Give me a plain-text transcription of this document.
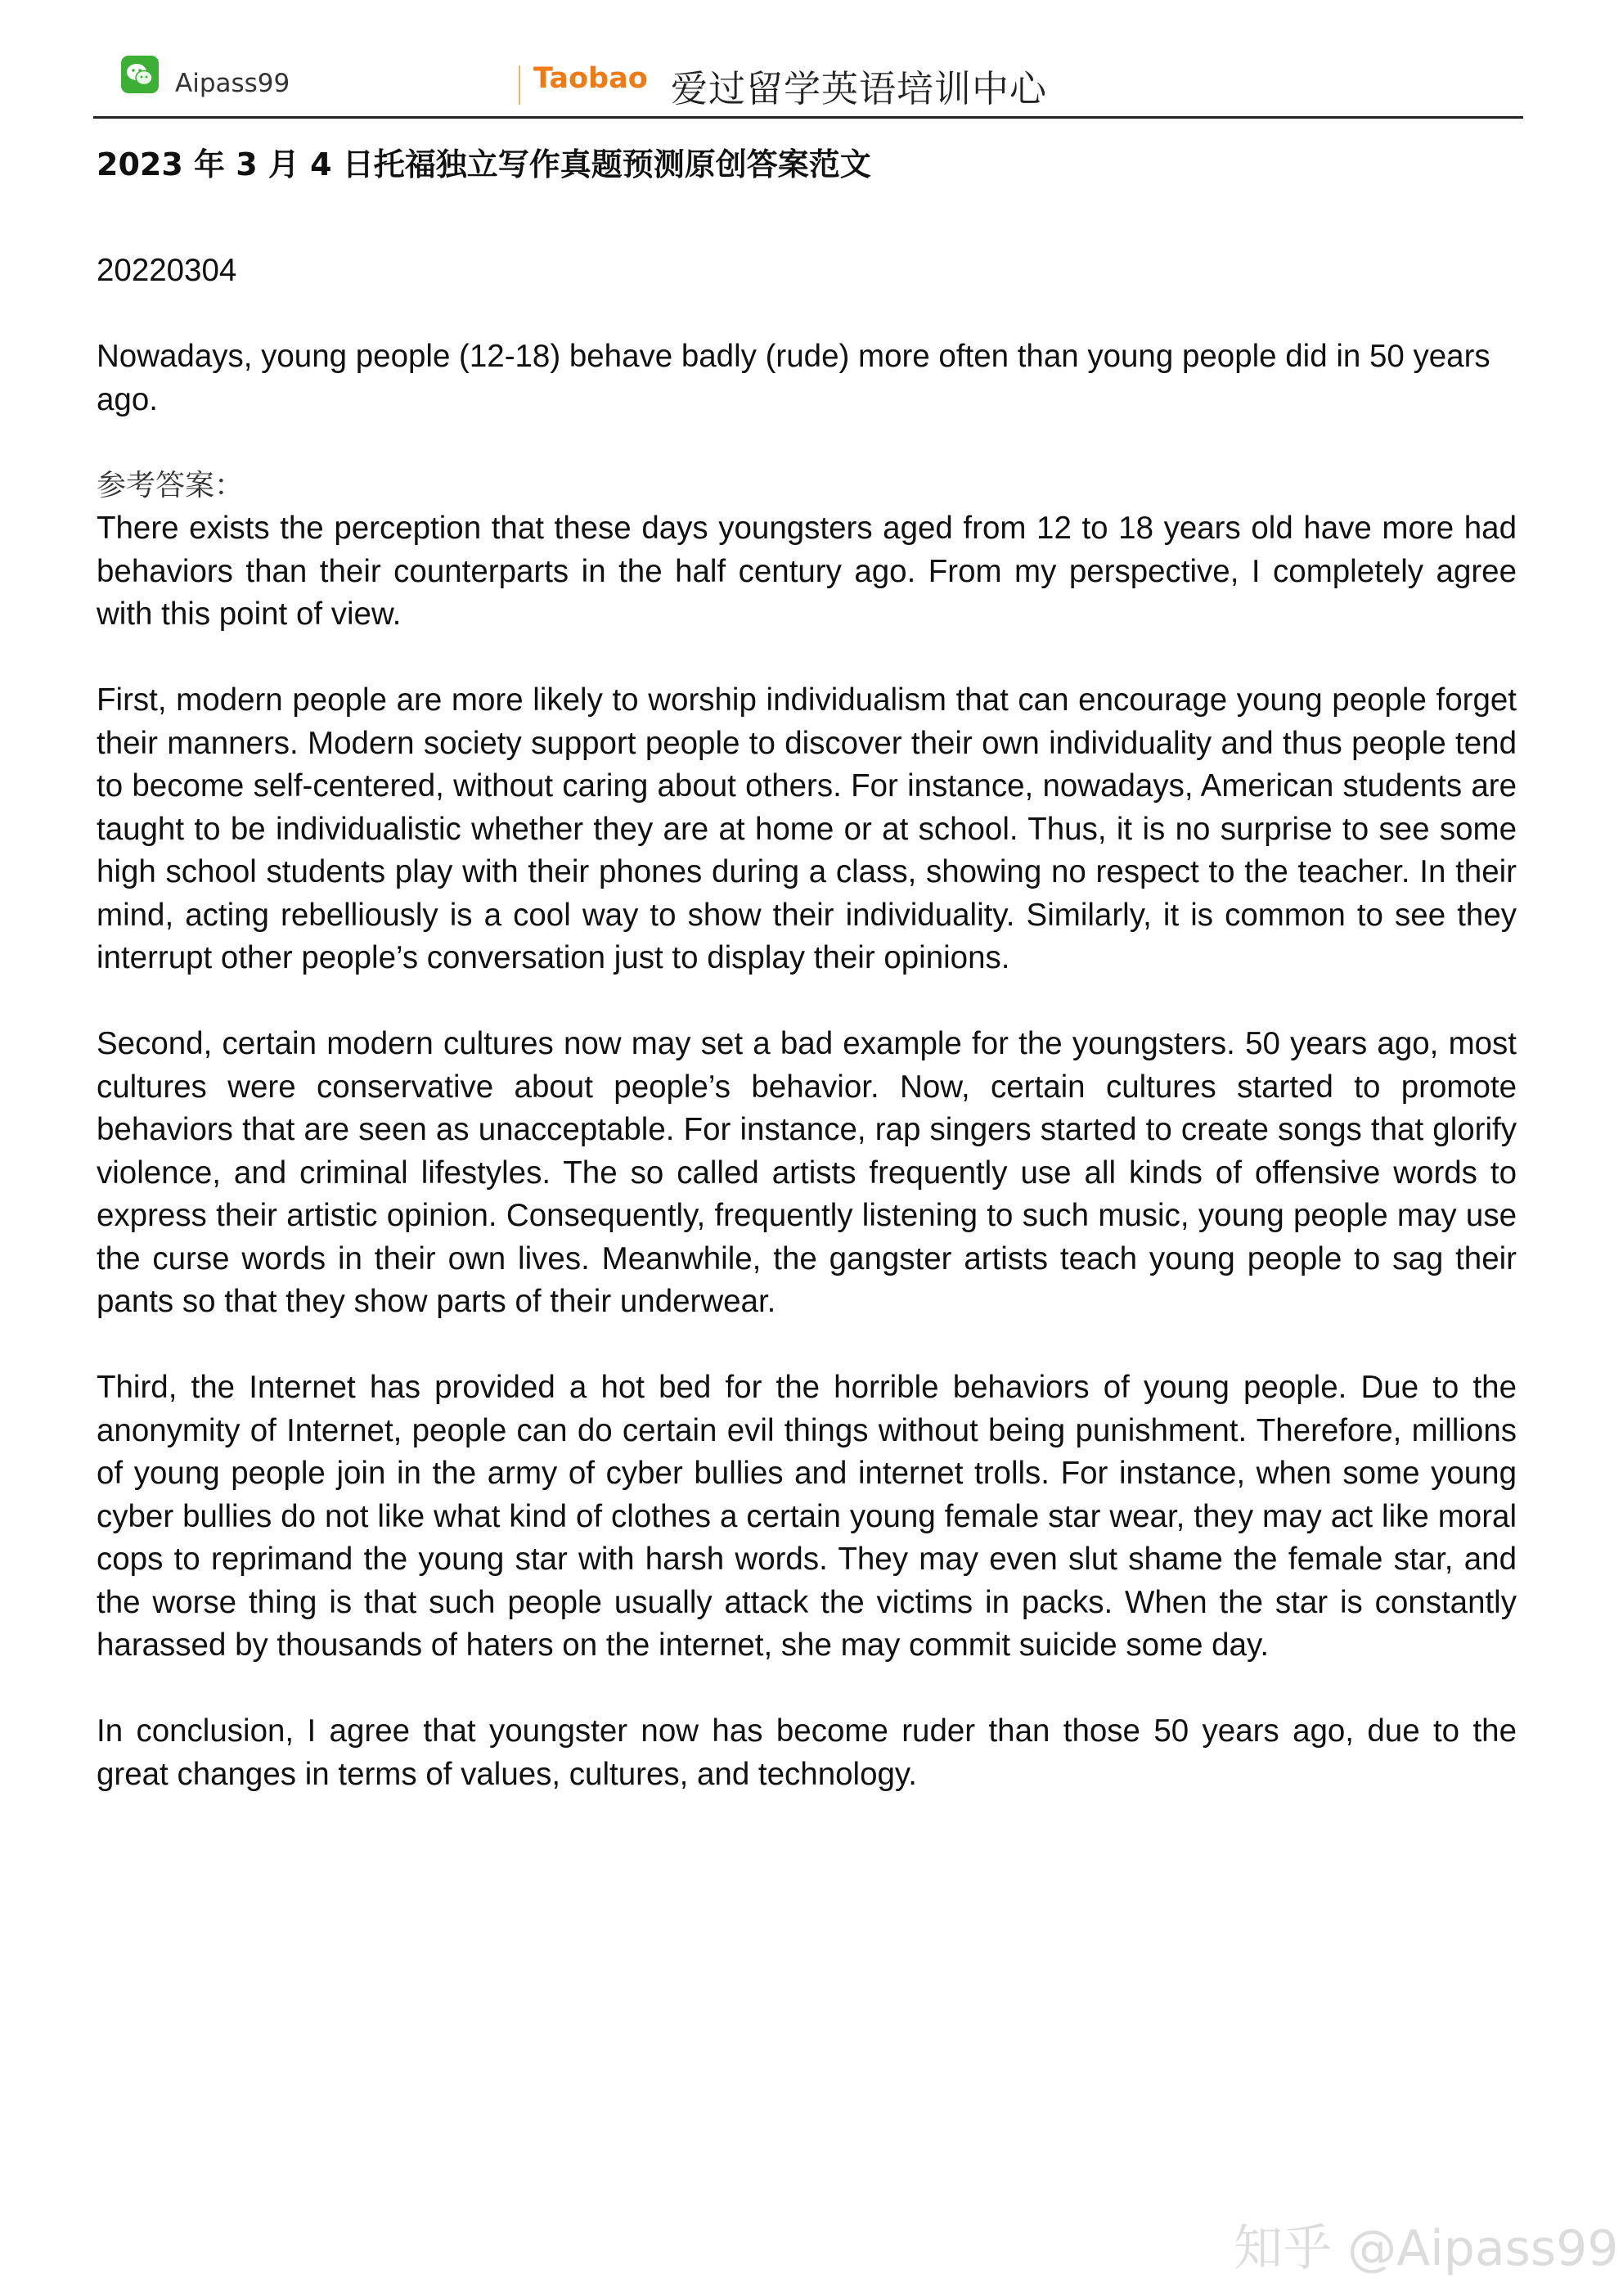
Aipass99	Taobao 爱过留学英语培训中心
2023 年 3 月 4 日托福独立写作真题预测原创答案范文

20220304

Nowadays, young people (12-18) behave badly (rude) more often than young people did in 50 years ago.

参考答案：

There exists the perception that these days youngsters aged from 12 to 18 years old have more had behaviors than their counterparts in the half century ago. From my perspective, I completely agree with this point of view.

First, modern people are more likely to worship individualism that can encourage young people forget their manners. Modern society support people to discover their own individuality and thus people tend to become self-centered, without caring about others. For instance, nowadays, American students are taught to be individualistic whether they are at home or at school. Thus, it is no surprise to see some high school students play with their phones during a class, showing no respect to the teacher. In their mind, acting rebelliously is a cool way to show their individuality. Similarly, it is common to see they interrupt other people’s conversation just to display their opinions.

Second, certain modern cultures now may set a bad example for the youngsters. 50 years ago, most cultures were conservative about people’s behavior. Now, certain cultures started to promote behaviors that are seen as unacceptable. For instance, rap singers started to create songs that glorify violence, and criminal lifestyles. The so called artists frequently use all kinds of offensive words to express their artistic opinion. Consequently, frequently listening to such music, young people may use the curse words in their own lives. Meanwhile, the gangster artists teach young people to sag their pants so that they show parts of their underwear.

Third, the Internet has provided a hot bed for the horrible behaviors of young people. Due to the anonymity of Internet, people can do certain evil things without being punishment. Therefore, millions of young people join in the army of cyber bullies and internet trolls. For instance, when some young cyber bullies do not like what kind of clothes a certain young female star wear, they may act like moral cops to reprimand the young star with harsh words. They may even slut shame the female star, and the worse thing is that such people usually attack the victims in packs. When the star is constantly harassed by thousands of haters on the internet, she may commit suicide some day.

In conclusion, I agree that youngster now has become ruder than those 50 years ago, due to the great changes in terms of values, cultures, and technology.

知乎 @Aipass99
